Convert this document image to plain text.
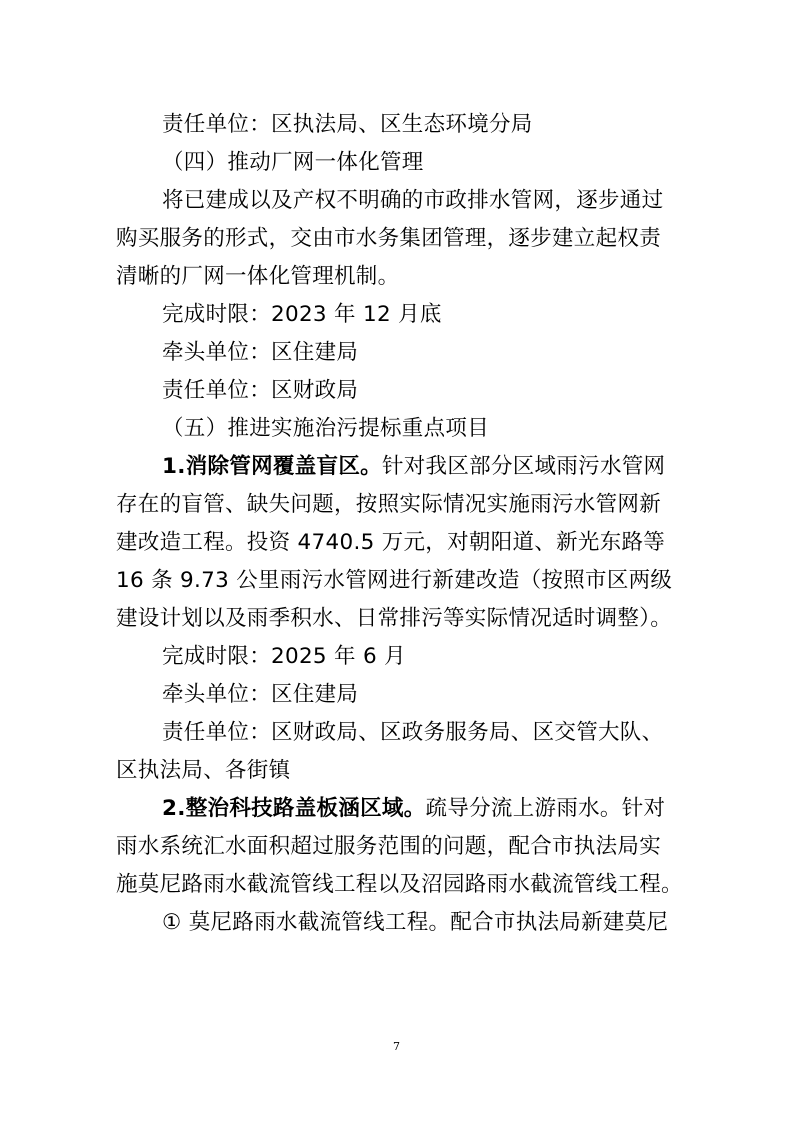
责任单位：区执法局、区生态环境分局
（四）推动厂网一体化管理
将已建成以及产权不明确的市政排水管网，逐步通过
购买服务的形式，交由市水务集团管理，逐步建立起权责
清晰的厂网一体化管理机制。
完成时限：2023 年 12 月底
牵头单位：区住建局
责任单位：区财政局
（五）推进实施治污提标重点项目
1.消除管网覆盖盲区。针对我区部分区域雨污水管网
存在的盲管、缺失问题，按照实际情况实施雨污水管网新
建改造工程。投资 4740.5 万元，对朝阳道、新光东路等
16 条 9.73 公里雨污水管网进行新建改造（按照市区两级
建设计划以及雨季积水、日常排污等实际情况适时调整）。
完成时限：2025 年 6 月
牵头单位：区住建局
责任单位：区财政局、区政务服务局、区交管大队、
区执法局、各街镇
2.整治科技路盖板涵区域。疏导分流上游雨水。针对
雨水系统汇水面积超过服务范围的问题，配合市执法局实
施莫尼路雨水截流管线工程以及沼园路雨水截流管线工程。
① 莫尼路雨水截流管线工程。配合市执法局新建莫尼
7
